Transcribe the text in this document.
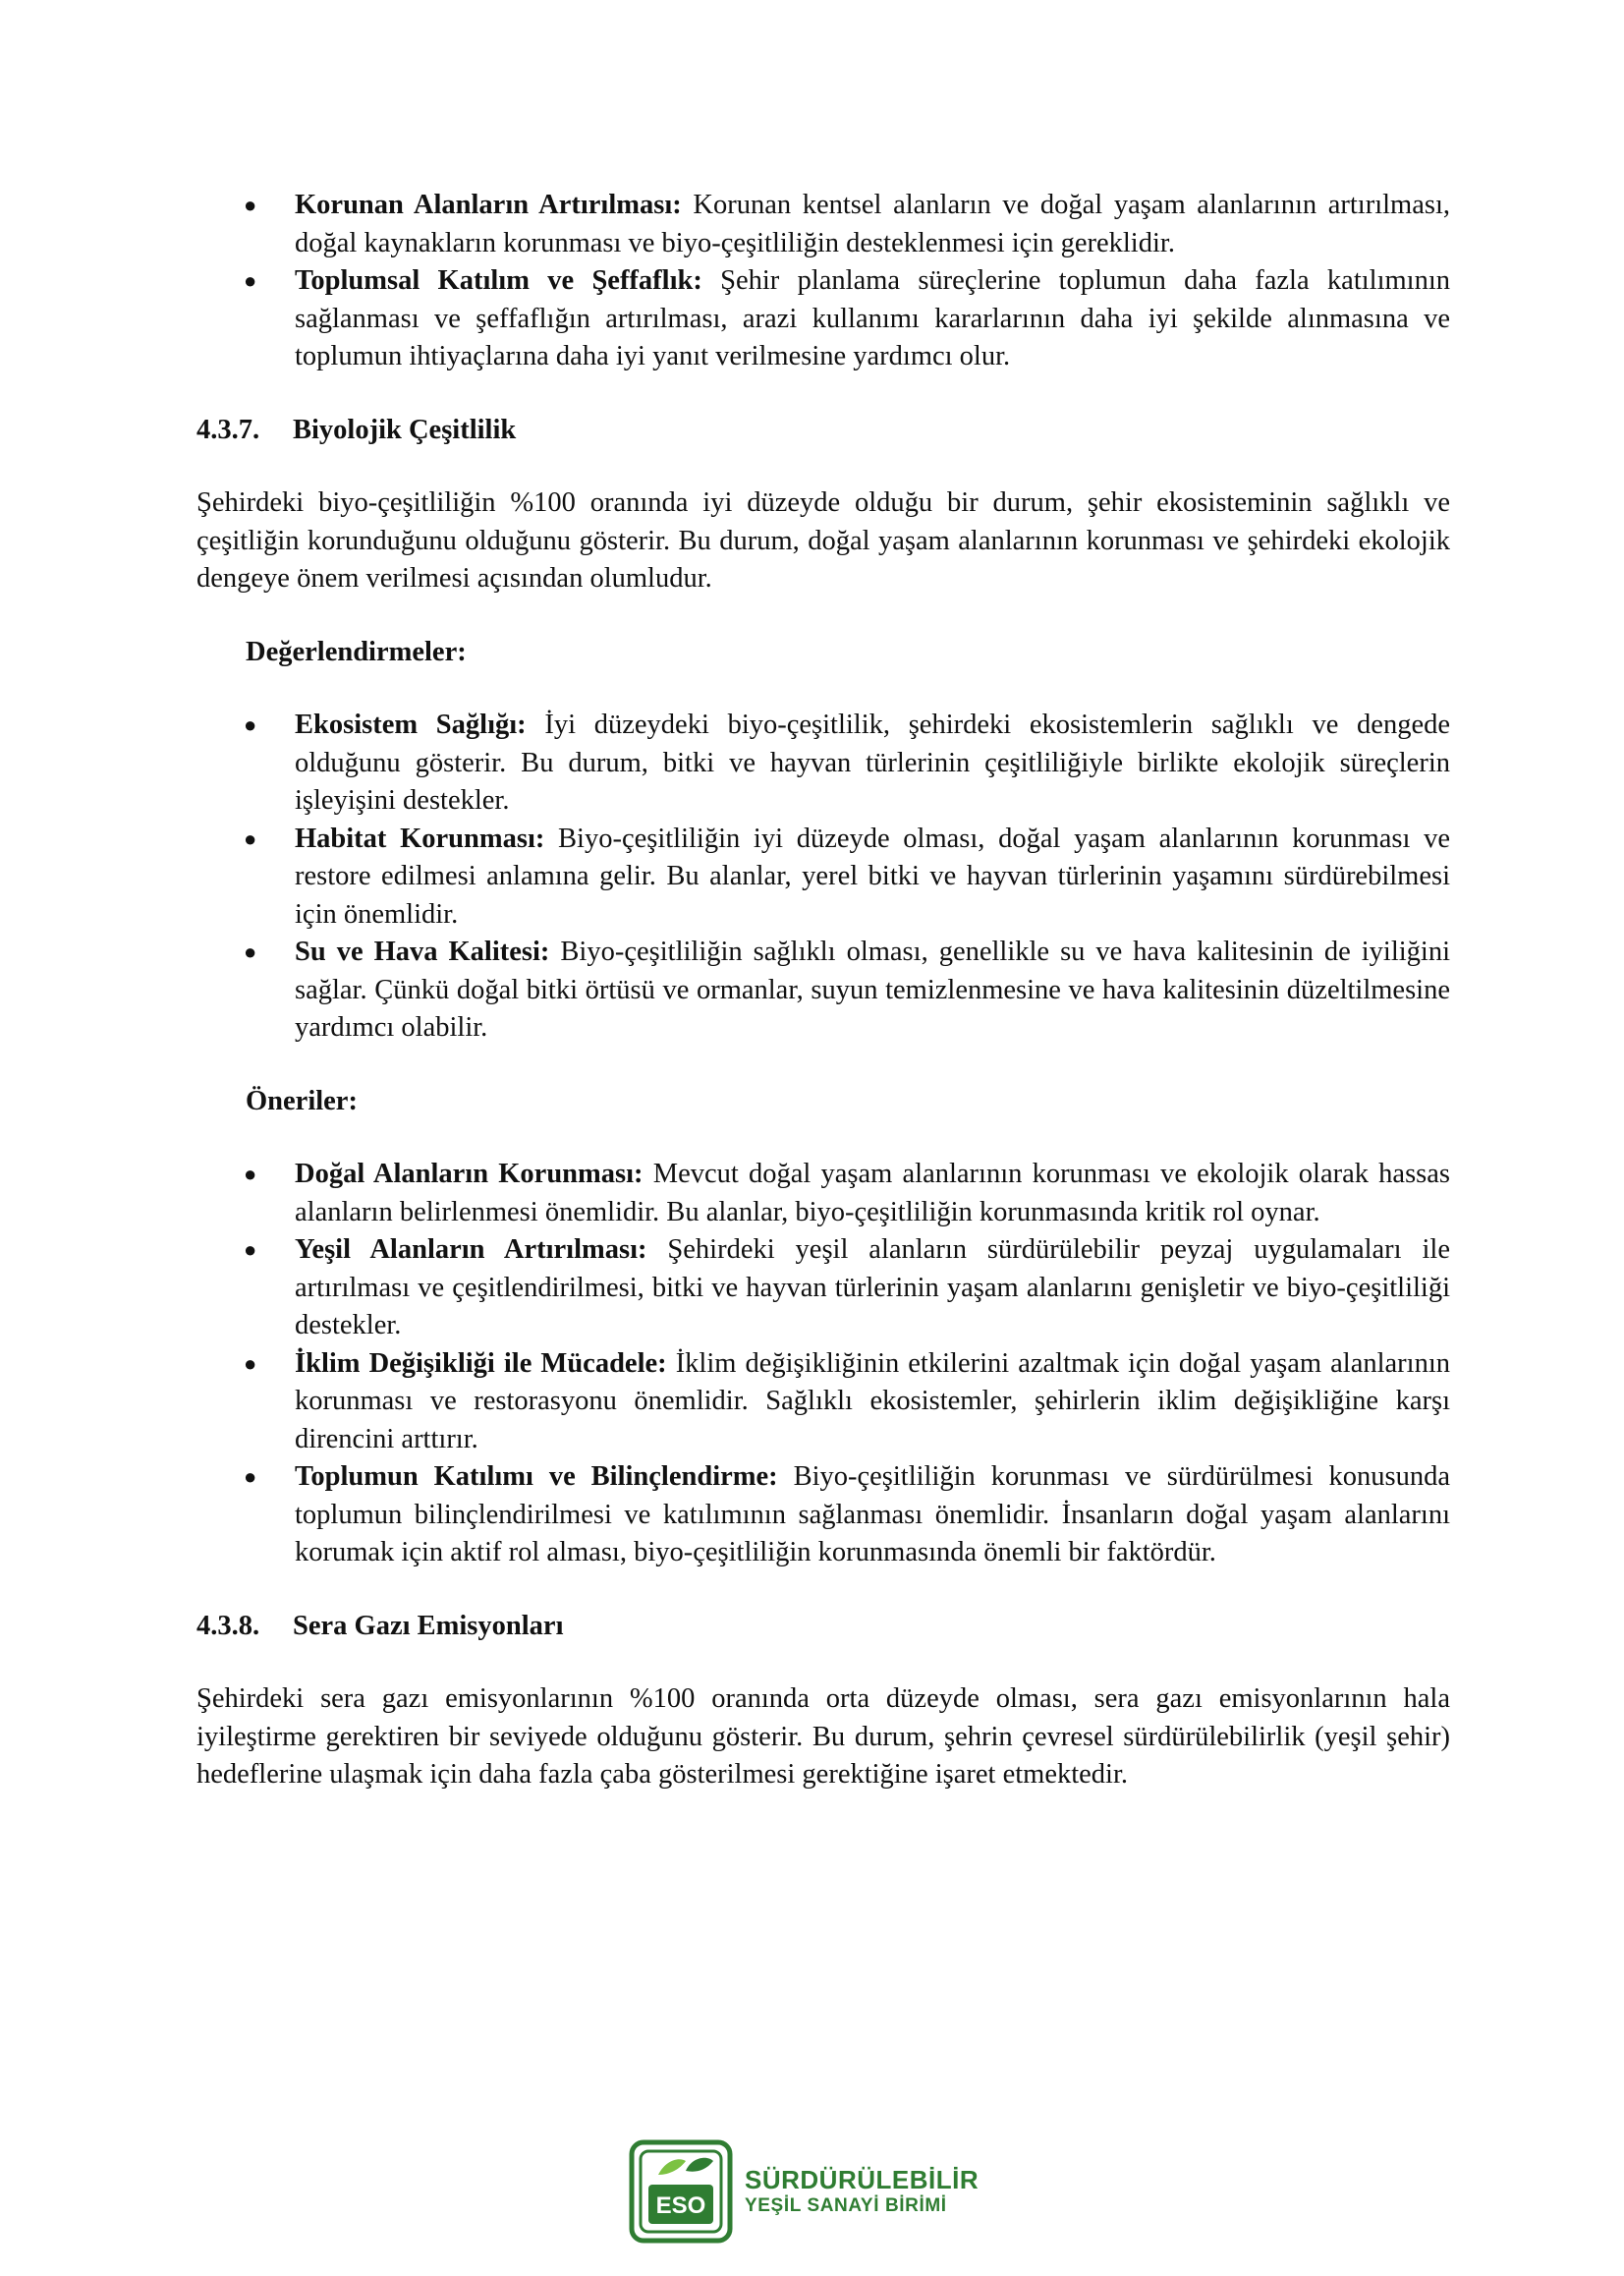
● Korunan Alanların Artırılması: Korunan kentsel alanların ve doğal yaşam alanlarının artırılması, doğal kaynakların korunması ve biyo-çeşitliliğin desteklenmesi için gereklidir.
● Toplumsal Katılım ve Şeffaflık: Şehir planlama süreçlerine toplumun daha fazla katılımının sağlanması ve şeffaflığın artırılması, arazi kullanımı kararlarının daha iyi şekilde alınmasına ve toplumun ihtiyaçlarına daha iyi yanıt verilmesine yardımcı olur.
4.3.7.	Biyolojik Çeşitlilik

Şehirdeki biyo-çeşitliliğin %100 oranında iyi düzeyde olduğu bir durum, şehir ekosisteminin sağlıklı ve çeşitliğin korunduğunu olduğunu gösterir. Bu durum, doğal yaşam alanlarının korunması ve şehirdeki ekolojik dengeye önem verilmesi açısından olumludur.

Değerlendirmeler:
● Ekosistem Sağlığı: İyi düzeydeki biyo-çeşitlilik, şehirdeki ekosistemlerin sağlıklı ve dengede olduğunu gösterir. Bu durum, bitki ve hayvan türlerinin çeşitliliğiyle birlikte ekolojik süreçlerin işleyişini destekler.
● Habitat Korunması: Biyo-çeşitliliğin iyi düzeyde olması, doğal yaşam alanlarının korunması ve restore edilmesi anlamına gelir. Bu alanlar, yerel bitki ve hayvan türlerinin yaşamını sürdürebilmesi için önemlidir.
● Su ve Hava Kalitesi: Biyo-çeşitliliğin sağlıklı olması, genellikle su ve hava kalitesinin de iyiliğini sağlar. Çünkü doğal bitki örtüsü ve ormanlar, suyun temizlenmesine ve hava kalitesinin düzeltilmesine yardımcı olabilir.
Öneriler:
● Doğal Alanların Korunması: Mevcut doğal yaşam alanlarının korunması ve ekolojik olarak hassas alanların belirlenmesi önemlidir. Bu alanlar, biyo-çeşitliliğin korunmasında kritik rol oynar.
● Yeşil Alanların Artırılması: Şehirdeki yeşil alanların sürdürülebilir peyzaj uygulamaları ile artırılması ve çeşitlendirilmesi, bitki ve hayvan türlerinin yaşam alanlarını genişletir ve biyo-çeşitliliği destekler.
● İklim Değişikliği ile Mücadele: İklim değişikliğinin etkilerini azaltmak için doğal yaşam alanlarının korunması ve restorasyonu önemlidir. Sağlıklı ekosistemler, şehirlerin iklim değişikliğine karşı direncini arttırır.
● Toplumun Katılımı ve Bilinçlendirme: Biyo-çeşitliliğin korunması ve sürdürülmesi konusunda toplumun bilinçlendirilmesi ve katılımının sağlanması önemlidir. İnsanların doğal yaşam alanlarını korumak için aktif rol alması, biyo-çeşitliliğin korunmasında önemli bir faktördür.
4.3.8.	Sera Gazı Emisyonları

Şehirdeki sera gazı emisyonlarının %100 oranında orta düzeyde olması, sera gazı emisyonlarının hala iyileştirme gerektiren bir seviyede olduğunu gösterir. Bu durum, şehrin çevresel sürdürülebilirlik (yeşil şehir) hedeflerine ulaşmak için daha fazla çaba gösterilmesi gerektiğine işaret etmektedir.

ESO
SÜRDÜRÜLEBİLİR
YEŞİL SANAYİ BİRİMİ
